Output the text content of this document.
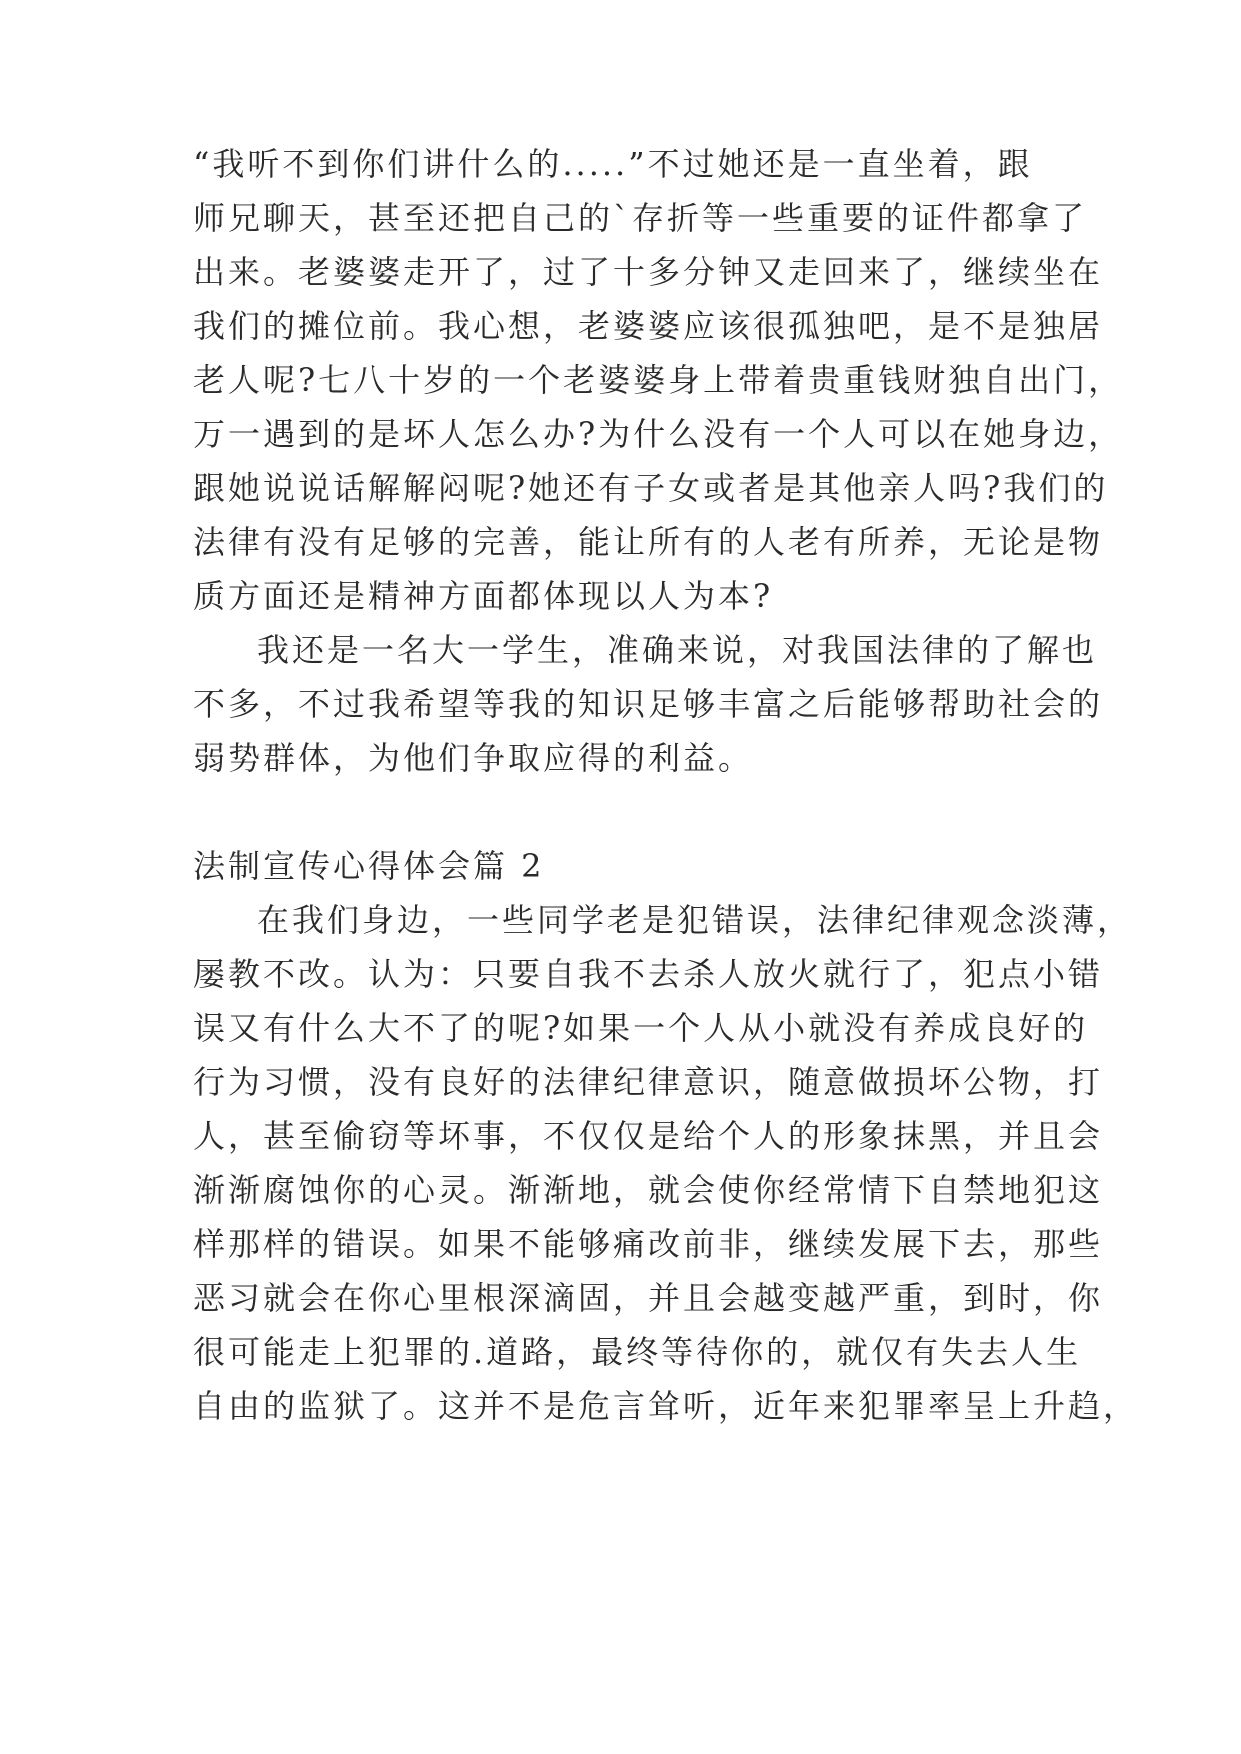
“我听不到你们讲什么的.....”不过她还是一直坐着，跟
师兄聊天，甚至还把自己的`存折等一些重要的证件都拿了
出来。老婆婆走开了，过了十多分钟又走回来了，继续坐在
我们的摊位前。我心想，老婆婆应该很孤独吧，是不是独居
老人呢?七八十岁的一个老婆婆身上带着贵重钱财独自出门，
万一遇到的是坏人怎么办?为什么没有一个人可以在她身边，
跟她说说话解解闷呢?她还有子女或者是其他亲人吗?我们的
法律有没有足够的完善，能让所有的人老有所养，无论是物
质方面还是精神方面都体现以人为本?
我还是一名大一学生，准确来说，对我国法律的了解也
不多，不过我希望等我的知识足够丰富之后能够帮助社会的
弱势群体，为他们争取应得的利益。
法制宣传心得体会篇 2
在我们身边，一些同学老是犯错误，法律纪律观念淡薄，
屡教不改。认为：只要自我不去杀人放火就行了，犯点小错
误又有什么大不了的呢?如果一个人从小就没有养成良好的
行为习惯，没有良好的法律纪律意识，随意做损坏公物，打
人，甚至偷窃等坏事，不仅仅是给个人的形象抹黑，并且会
渐渐腐蚀你的心灵。渐渐地，就会使你经常情下自禁地犯这
样那样的错误。如果不能够痛改前非，继续发展下去，那些
恶习就会在你心里根深滴固，并且会越变越严重，到时，你
很可能走上犯罪的.道路，最终等待你的，就仅有失去人生
自由的监狱了。这并不是危言耸听，近年来犯罪率呈上升趋，
